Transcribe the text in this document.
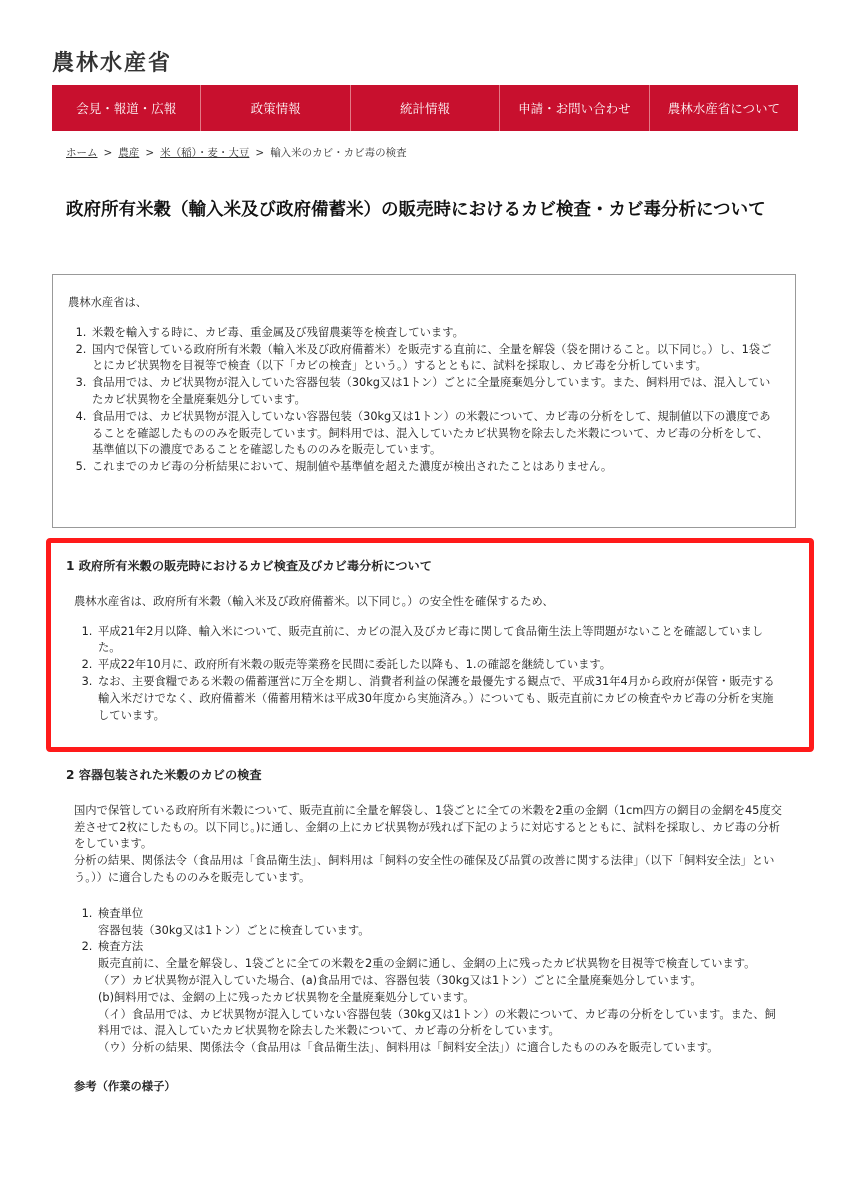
農林水産省
会見・報道・広報	政策情報	統計情報	申請・お問い合わせ	農林水産省について
ホーム > 農産 > 米（稲）・麦・大豆 > 輸入米のカビ・カビ毒の検査
政府所有米穀（輸入米及び政府備蓄米）の販売時におけるカビ検査・カビ毒分析について

農林水産省は、

1. 米穀を輸入する時に、カビ毒、重金属及び残留農薬等を検査しています。
2. 国内で保管している政府所有米穀（輸入米及び政府備蓄米）を販売する直前に、全量を解袋（袋を開けること。以下同じ。）し、1袋ごとにカビ状異物を目視等で検査（以下「カビの検査」という。）するとともに、試料を採取し、カビ毒を分析しています。
3. 食品用では、カビ状異物が混入していた容器包装（30kg又は1トン）ごとに全量廃棄処分しています。また、飼料用では、混入していたカビ状異物を全量廃棄処分しています。
4. 食品用では、カビ状異物が混入していない容器包装（30kg又は1トン）の米穀について、カビ毒の分析をして、規制値以下の濃度であることを確認したもののみを販売しています。飼料用では、混入していたカビ状異物を除去した米穀について、カビ毒の分析をして、基準値以下の濃度であることを確認したもののみを販売しています。
5. これまでのカビ毒の分析結果において、規制値や基準値を超えた濃度が検出されたことはありません。
1 政府所有米穀の販売時におけるカビ検査及びカビ毒分析について

農林水産省は、政府所有米穀（輸入米及び政府備蓄米。以下同じ。）の安全性を確保するため、

1. 平成21年2月以降、輸入米について、販売直前に、カビの混入及びカビ毒に関して食品衛生法上等問題がないことを確認していました。
2. 平成22年10月に、政府所有米穀の販売等業務を民間に委託した以降も、1.の確認を継続しています。
3. なお、主要食糧である米穀の備蓄運営に万全を期し、消費者利益の保護を最優先する観点で、平成31年4月から政府が保管・販売する輸入米だけでなく、政府備蓄米（備蓄用精米は平成30年度から実施済み。）についても、販売直前にカビの検査やカビ毒の分析を実施しています。
2 容器包装された米穀のカビの検査

国内で保管している政府所有米穀について、販売直前に全量を解袋し、1袋ごとに全ての米穀を2重の金網（1cm四方の網目の金網を45度交差させて2枚にしたもの。以下同じ。)に通し、金網の上にカビ状異物が残れば下記のように対応するとともに、試料を採取し、カビ毒の分析をしています。

分析の結果、関係法令（食品用は「食品衛生法」、飼料用は「飼料の安全性の確保及び品質の改善に関する法律」（以下「飼料安全法」という。））に適合したもののみを販売しています。

1. 検査単位
容器包装（30kg又は1トン）ごとに検査しています。
2. 検査方法
販売直前に、全量を解袋し、1袋ごとに全ての米穀を2重の金網に通し、金網の上に残ったカビ状異物を目視等で検査しています。
（ア）カビ状異物が混入していた場合、(a)食品用では、容器包装（30kg又は1トン）ごとに全量廃棄処分しています。
(b)飼料用では、金網の上に残ったカビ状異物を全量廃棄処分しています。
（イ）食品用では、カビ状異物が混入していない容器包装（30kg又は1トン）の米穀について、カビ毒の分析をしています。また、飼料用では、混入していたカビ状異物を除去した米穀について、カビ毒の分析をしています。
（ウ）分析の結果、関係法令（食品用は「食品衛生法」、飼料用は「飼料安全法」）に適合したもののみを販売しています。
参考（作業の様子）
